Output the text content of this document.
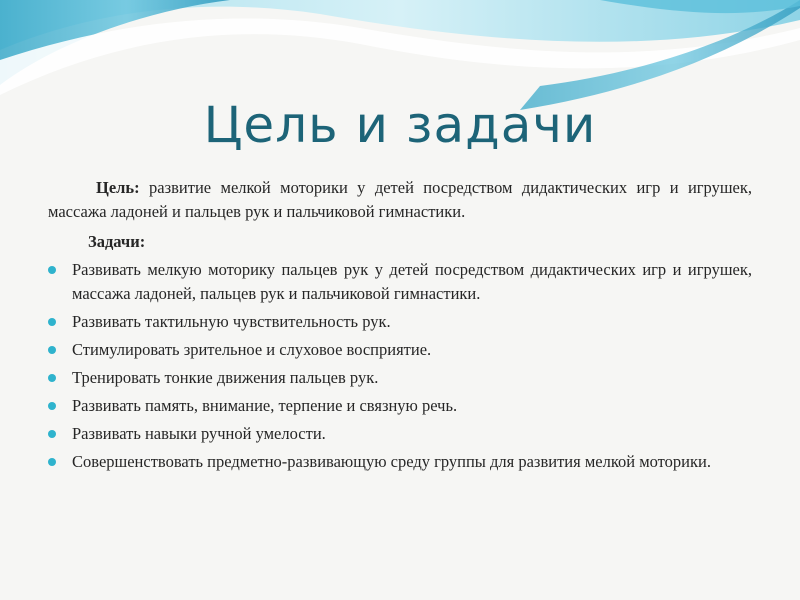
Цель и задачи

Цель: развитие мелкой моторики у детей посредством дидактических игр и игрушек, массажа ладоней и пальцев рук и пальчиковой гимнастики.

Задачи:

Развивать мелкую моторику пальцев рук у детей посредством дидактических игр и игрушек, массажа ладоней, пальцев рук и пальчиковой гимнастики.
Развивать тактильную чувствительность рук.
Стимулировать зрительное и слуховое восприятие.
Тренировать тонкие движения пальцев рук.
Развивать память, внимание, терпение и связную речь.
Развивать навыки ручной умелости.
Совершенствовать предметно-развивающую среду группы для развития мелкой моторики.
